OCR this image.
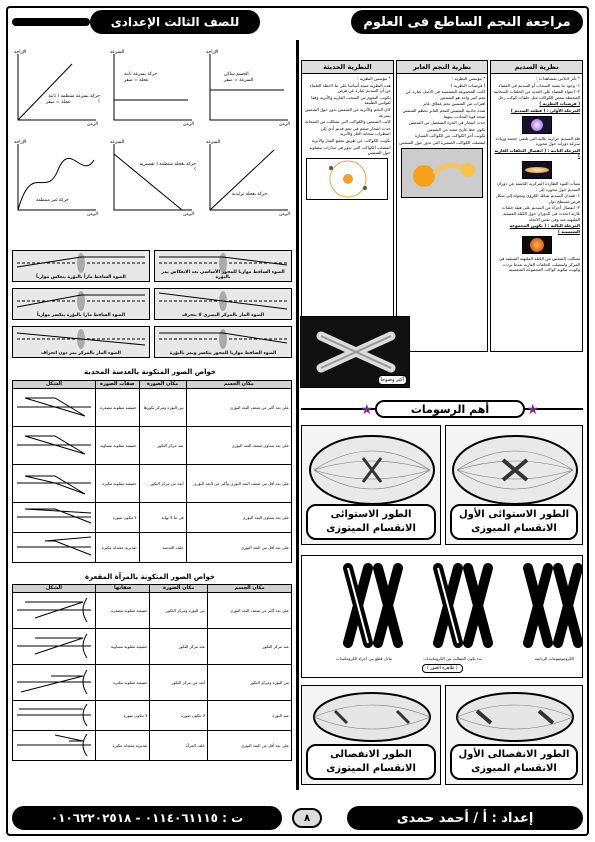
مراجعة النجم الساطع فى العلوم
للصف الثالث الإعدادى
نظرية السديم

* تأثر لابلاس بمشاهدات :

١- وجود ما يشبه السحاب أو السديم فى الفضاء

٢- احتواء الفضاء على العديد من الحلقات السحابية المحيطة ببعض الكواكب مثل حلقات كوكب زحل

( فرضيات النظرية )

المرحلة الأولى : ( قطعة السديم )

قلة السديم حرارته عالية التى تلتقى حجمه وزيادة سرعة دورانه حول محوره

المرحلة الثانية : ( انفصال الحلقات الغازية )

نشأت القوة الطاردة المركزية الناشئة عن دوران السديم حول محوره إلى :

١- فقدان السديم شكله الكروى وتحوله إلى شكل قرص مسطح دوار

٢- انفصال أجزاء من السديم على هيئة حلقات غازية اتخذت فى الدوران حول الكتلة المتبقية الملتهبة منه وفى نفس الاتجاه

المرحلة الثالثة : ( تكوين المجموعة الشمسية )

تشكلت الشمس من الكتلة الملتهبة المتبقية فى المركز وانفصلت الحلقات الغازية بعدما بردت وكونت مكونة كواكب المجموعة الشمسية

نظرية النجم العابر

* مؤسس النظرية :

( فرضيات النظرية )

كانت المجموعة الشمسية فى الأصل عبارة عن نجم كبير واحد هو الشمس

اقتراب من الشمس نجم عملاق عابر

شدة جاذبية الشمس للنجم العابر تحطم الشمس نتيجة قوة التجاذب بينهما

حدث انفجار فى الجزء المنفصل من الشمس

تكون خط غازى ممتد من الشمس

تكونت أخر الكواكب من الكواكب السيارة

انفصلت الكواكب الصغيرة التى تدور حول الشمس

النظرية الحديثة

* مؤسس النظرية :

هذه النظرية مبنية أساسا على ما لاحظه العلماء من أن السديم عبارة عن قرص

تكونت النجوم من السحب الغازية والأتربة وفقا لقوانين الطبيعة

كان النجم والأتربة من الشمس تدور حول الشمس بسرعة

كانت الشمس والكواكب التى تشكلت من السحابة

حدث انفجار ضخم فى نجم قديم أدى إلى اضطراب سحابة الغاز والأتربة

تكونت الكواكب عن طريق تجمع الغبار والأتربة

انفصلت الكواكب التى تدور فى مدارات بيضاوية حول الشمس

أكثر وضوحا
أهم الرسومات	★
★
الطور الاستوائى الأول الانقسام الميوزى
الطور الاستوائى الانقسام الميتوزى
الكروموسومات الرباعية
بدء تكون التصالب بين الكروماتيدات
تبادل قطع بين أجزاء الكروماتيدات
( ظاهرة العبور )
الطور الانفصالى الأول الانقسام الميوزى
الطور الانفصالى الانقسام الميتوزى
الإزاحة
الجسم ساكن
السرعة = صفر
الزمن
السرعة
حركة بسرعة ثابتة
عجلة = صفر
الزمن
الإزاحة
حركة بسرعة منتظمة ( ثابتة )
عجلة = صفر
الزمن
السرعة
حركة بعجلة تزايدية
الزمن
السرعة
حركة بعجلة منتظمة ( تقصيرية )
الزمن
الإزاحة
حركة غير منتظمة
الزمن
الضوء الساقط موازيا للمحور الأساسى بعد الانعكاس يمر بالبؤرة
الضوء الساقط ماراً بالبؤرة ينعكس موازياً
الضوء المار بالمركز البصرى لا ينحرف
الضوء الساقط مارا بالبؤرة ينكسر موازياً
الضوء الساقط موازيا للمحور ينكسر ويمر بالبؤرة
الضوء المار بالمركز يمر دون انحراف
خواص الصور المتكونة بالعدسة المحدبة
مكان الجسم	مكان الصورة	صفات الصورة	الشكل
على بعد أكبر من ضعف البعد البؤرى	بين البؤرة ومركز تكورها	حقيقية مقلوبة مصغرة	
على بعد يساوى ضعف البعد البؤرى	عند مركز التكور	حقيقية مقلوبة مساوية	
على بعد أقل من ضعف البعد البؤرى وأكبر من البعد البؤرى	أبعد من مركز التكور	حقيقية مقلوبة مكبرة	
على بعد يساوى البعد البؤرى	فى ما لا نهاية	لا تتكون صورة	
على بعد أقل من البعد البؤرى	خلف العدسة	تقديرية معتدلة مكبرة	
خواص الصور المتكونة بالمرآة المقعرة
مكان الجسم	مكان الصورة	صفاتها	الشكل
على بعد أكبر من ضعف البعد البؤرى	بين البؤرة ومركز التكور	حقيقية مقلوبة مصغرة	
عند مركز التكور	عند مركز التكور	حقيقية مقلوبة مساوية	
بين البؤرة ومركز التكور	أبعد من مركز التكور	حقيقية مقلوبة مكبرة	
عند البؤرة	لا تتكون صورة	لا تتكون صورة	
على بعد أقل من البعد البؤرى	خلف المرآة	تقديرية معتدلة مكبرة	
إعداد : أ / أحمد حمدى
٨
ت : ٠١١٤٠٦١١١٥ - ٠١٠٦٢٢٠٢٥١٨
